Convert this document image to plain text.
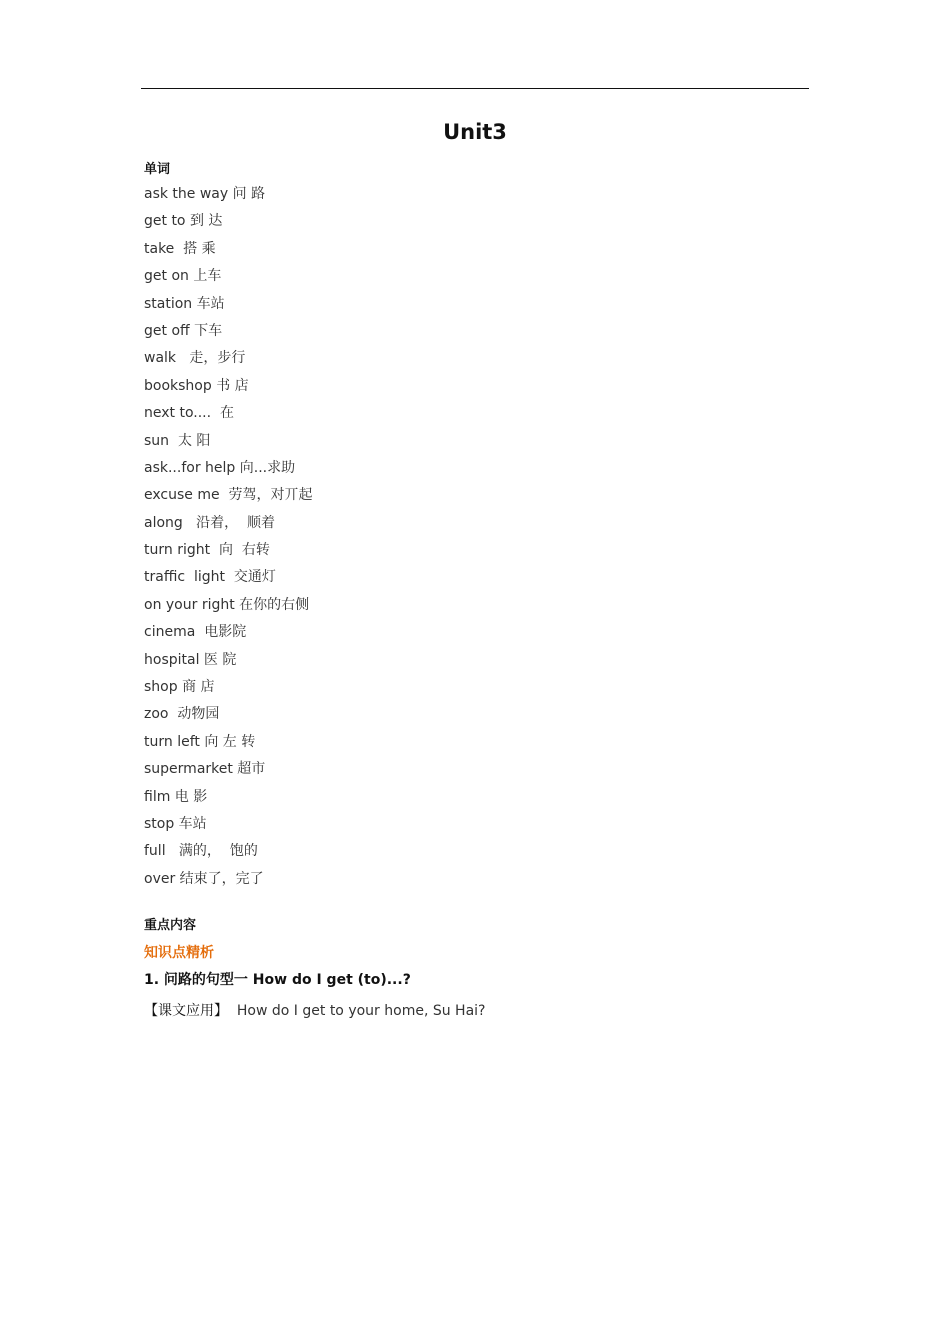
Unit3
单词
ask the way 问 路
get to 到 达
take  搭 乘
get on 上车
station 车站
get off 下车
walk   走，步行
bookshop 书 店
next to....  在
sun  太 阳
ask...for help 向...求助
excuse me  劳驾，对丌起
along   沿着，  顺着
turn right  向  右转
traffic  light  交通灯
on your right 在你的右侧
cinema  电影院
hospital 医 院
shop 商 店
zoo  动物园
turn left 向 左 转
supermarket 超市
film 电 影
stop 车站
full   满的，  饱的
over 结束了，完了
重点内容
知识点精析
1. 问路的句型一 How do I get (to)...?
【课文应用】  How do I get to your home, Su Hai?
